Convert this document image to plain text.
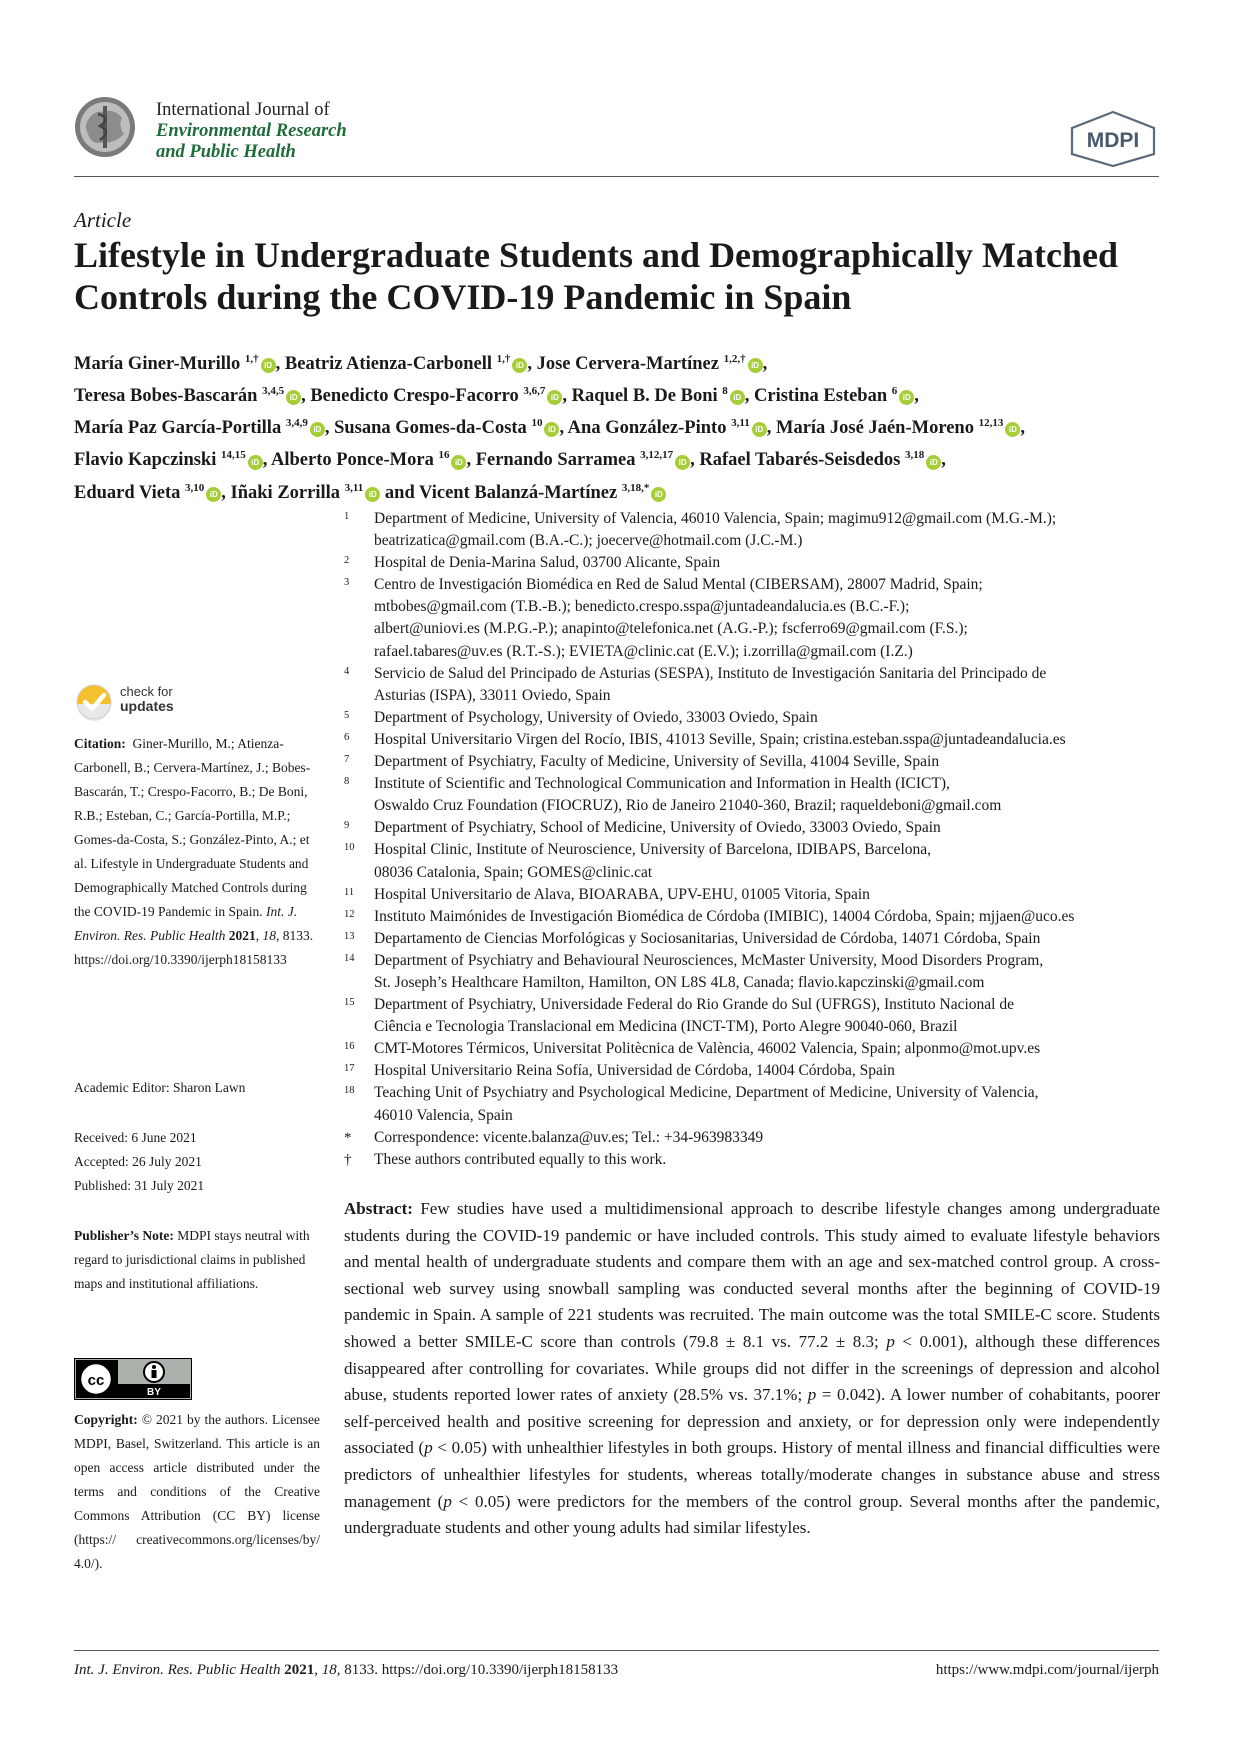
International Journal of
Environmental Research
and Public Health	MDPI
Article
Lifestyle in Undergraduate Students and Demographically Matched Controls during the COVID-19 Pandemic in Spain
María Giner-Murillo $^{1,\dagger}$iD , Beatriz Atienza-Carbonell $^{1,\dagger}$iD , Jose Cervera-Martínez $^{1,2,\dagger}$iD ,
Teresa Bobes-Bascarán $^{3,4,5}$iD , Benedicto Crespo-Facorro $^{3,6,7}$iD , Raquel B. De Boni $^8$iD , Cristina Esteban $^6$iD ,
María Paz García-Portilla $^{3,4,9}$iD , Susana Gomes-da-Costa $^{10}$iD , Ana González-Pinto $^{3,11}$iD , María José Jaén-Moreno $^{12,13}$iD ,
Flavio Kapczinski $^{14,15}$iD , Alberto Ponce-Mora $^{16}$iD , Fernando Sarramea $^{3,12,17}$iD , Rafael Tabarés-Seisdedos $^{3,18}$iD ,
Eduard Vieta $^{3,10}$iD , Iñaki Zorrilla $^{3,11}$iD and Vicent Balanzá-Martínez $^{3,18,*}$iD
1 Department of Medicine, University of Valencia, 46010 Valencia, Spain; magimu912@gmail.com (M.G.-M.);
beatrizatica@gmail.com (B.A.-C.); joecerve@hotmail.com (J.C.-M.)
2 Hospital de Denia-Marina Salud, 03700 Alicante, Spain
3 Centro de Investigación Biomédica en Red de Salud Mental (CIBERSAM), 28007 Madrid, Spain;
mtbobes@gmail.com (T.B.-B.); benedicto.crespo.sspa@juntadeandalucia.es (B.C.-F.);
albert@uniovi.es (M.P.G.-P.); anapinto@telefonica.net (A.G.-P.); fscferro69@gmail.com (F.S.);
rafael.tabares@uv.es (R.T.-S.); EVIETA@clinic.cat (E.V.); i.zorrilla@gmail.com (I.Z.)
4 Servicio de Salud del Principado de Asturias (SESPA), Instituto de Investigación Sanitaria del Principado de
Asturias (ISPA), 33011 Oviedo, Spain
5 Department of Psychology, University of Oviedo, 33003 Oviedo, Spain
6 Hospital Universitario Virgen del Rocío, IBIS, 41013 Seville, Spain; cristina.esteban.sspa@juntadeandalucia.es
7 Department of Psychiatry, Faculty of Medicine, University of Sevilla, 41004 Seville, Spain
8 Institute of Scientific and Technological Communication and Information in Health (ICICT),
Oswaldo Cruz Foundation (FIOCRUZ), Rio de Janeiro 21040-360, Brazil; raqueldeboni@gmail.com
9 Department of Psychiatry, School of Medicine, University of Oviedo, 33003 Oviedo, Spain
10 Hospital Clinic, Institute of Neuroscience, University of Barcelona, IDIBAPS, Barcelona,
08036 Catalonia, Spain; GOMES@clinic.cat
11 Hospital Universitario de Alava, BIOARABA, UPV-EHU, 01005 Vitoria, Spain
12 Instituto Maimónides de Investigación Biomédica de Córdoba (IMIBIC), 14004 Córdoba, Spain; mjjaen@uco.es
13 Departamento de Ciencias Morfológicas y Sociosanitarias, Universidad de Córdoba, 14071 Córdoba, Spain
14 Department of Psychiatry and Behavioural Neurosciences, McMaster University, Mood Disorders Program,
St. Joseph’s Healthcare Hamilton, Hamilton, ON L8S 4L8, Canada; flavio.kapczinski@gmail.com
15 Department of Psychiatry, Universidade Federal do Rio Grande do Sul (UFRGS), Instituto Nacional de
Ciência e Tecnologia Translacional em Medicina (INCT-TM), Porto Alegre 90040-060, Brazil
16 CMT-Motores Térmicos, Universitat Politècnica de València, 46002 Valencia, Spain; alponmo@mot.upv.es
17 Hospital Universitario Reina Sofía, Universidad de Córdoba, 14004 Córdoba, Spain
18 Teaching Unit of Psychiatry and Psychological Medicine, Department of Medicine, University of Valencia,
46010 Valencia, Spain
* Correspondence: vicente.balanza@uv.es; Tel.: +34-963983349
† These authors contributed equally to this work.
check for
updates
Citation: Giner-Murillo, M.; Atienza-Carbonell, B.; Cervera-Martínez, J.; Bobes-Bascarán, T.; Crespo-Facorro, B.; De Boni, R.B.; Esteban, C.; García-Portilla, M.P.; Gomes-da-Costa, S.; González-Pinto, A.; et al. Lifestyle in Undergraduate Students and Demographically Matched Controls during the COVID-19 Pandemic in Spain. Int. J. Environ. Res. Public Health 2021, 18, 8133. https://doi.org/10.3390/ijerph18158133
Academic Editor: Sharon Lawn
Received: 6 June 2021
Accepted: 26 July 2021
Published: 31 July 2021
Publisher’s Note: MDPI stays neutral with regard to jurisdictional claims in published maps and institutional affiliations.
cc
BY
Copyright: © 2021 by the authors. Licensee MDPI, Basel, Switzerland. This article is an open access article distributed under the terms and conditions of the Creative Commons Attribution (CC BY) license (https:// creativecommons.org/licenses/by/ 4.0/).
Abstract: Few studies have used a multidimensional approach to describe lifestyle changes among undergraduate students during the COVID-19 pandemic or have included controls. This study aimed to evaluate lifestyle behaviors and mental health of undergraduate students and compare them with an age and sex-matched control group. A cross-sectional web survey using snowball sampling was conducted several months after the beginning of COVID-19 pandemic in Spain. A sample of 221 students was recruited. The main outcome was the total SMILE-C score. Students showed a better SMILE-C score than controls (79.8 ± 8.1 vs. 77.2 ± 8.3; p < 0.001), although these differences disappeared after controlling for covariates. While groups did not differ in the screenings of depression and alcohol abuse, students reported lower rates of anxiety (28.5% vs. 37.1%; p = 0.042). A lower number of cohabitants, poorer self-perceived health and positive screening for depression and anxiety, or for depression only were independently associated (p < 0.05) with unhealthier lifestyles in both groups. History of mental illness and financial difficulties were predictors of unhealthier lifestyles for students, whereas totally/moderate changes in substance abuse and stress management (p < 0.05) were predictors for the members of the control group. Several months after the pandemic, undergraduate students and other young adults had similar lifestyles.
Int. J. Environ. Res. Public Health 2021, 18, 8133. https://doi.org/10.3390/ijerph18158133	https://www.mdpi.com/journal/ijerph
